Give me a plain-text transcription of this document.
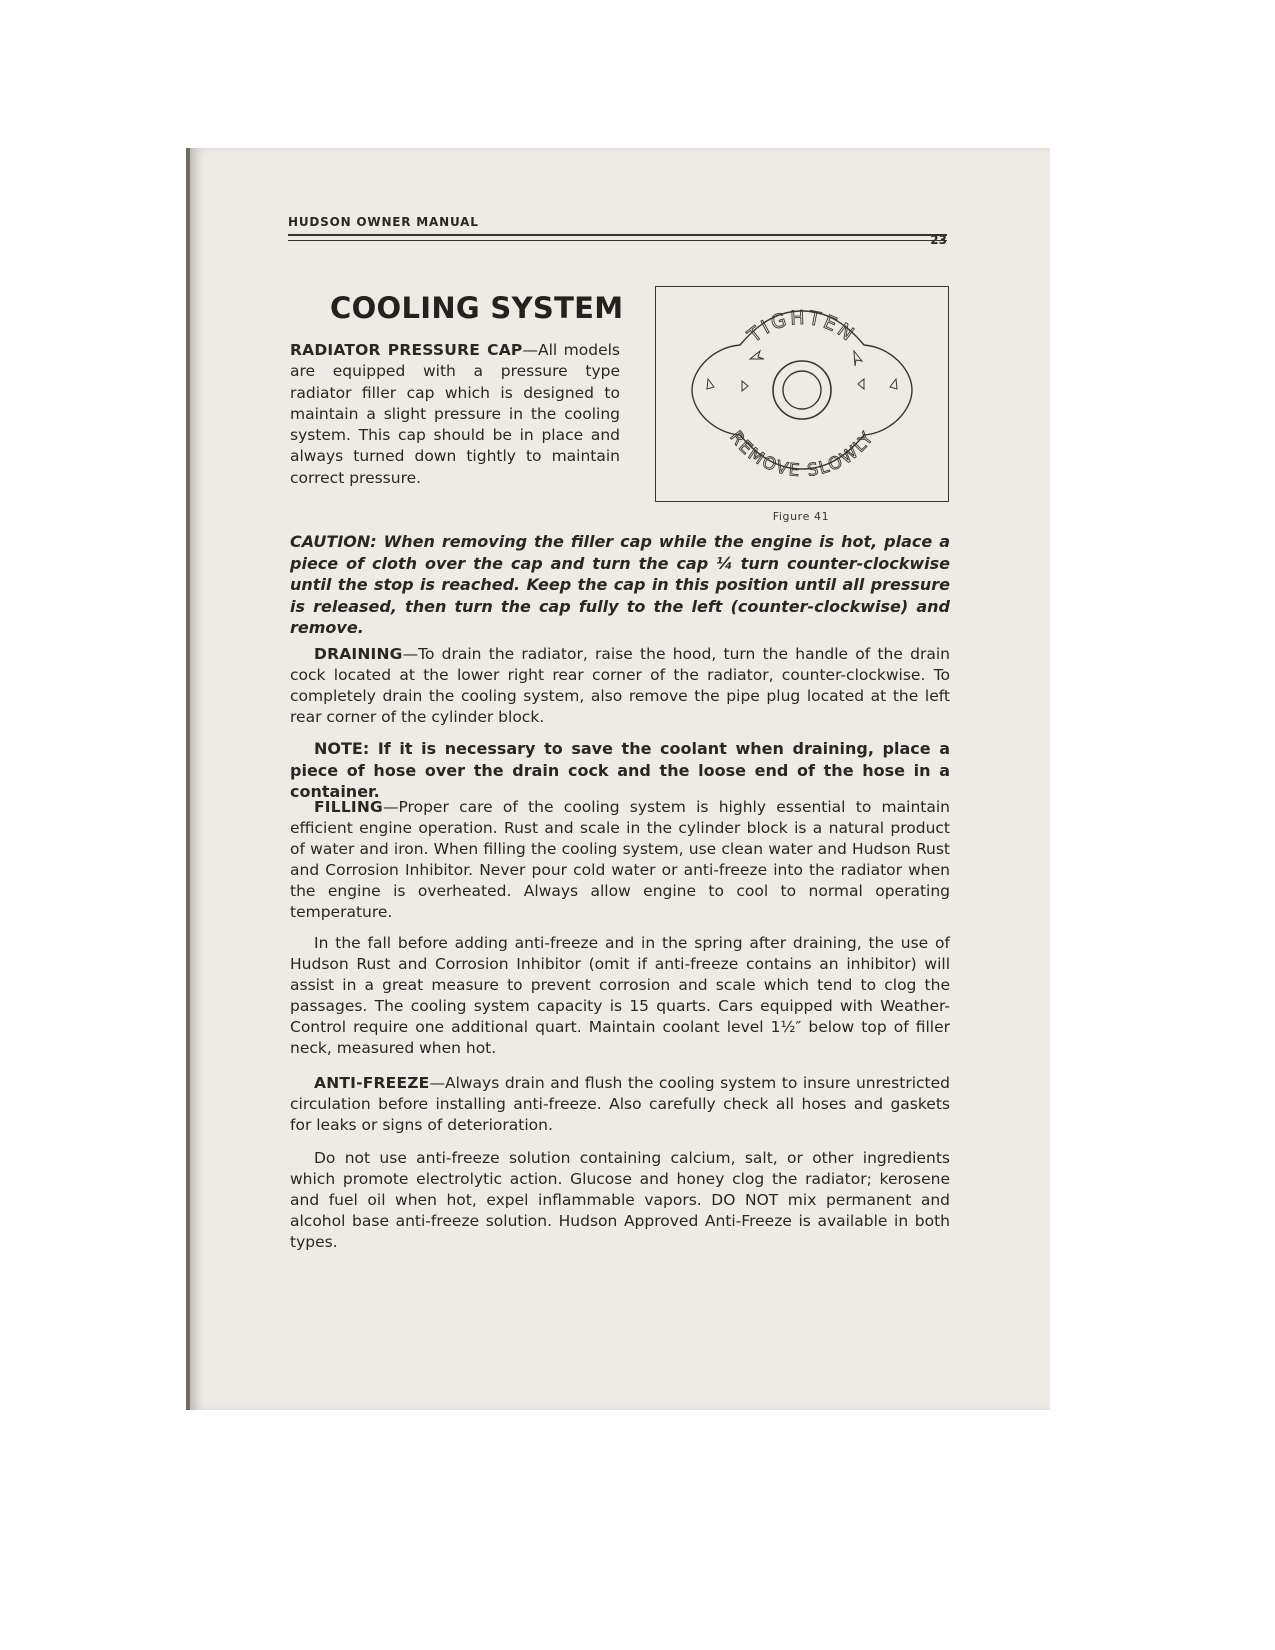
HUDSON OWNER MANUAL
23
COOLING SYSTEM
RADIATOR PRESSURE CAP—All models are equipped with a pressure type radiator filler cap which is designed to maintain a slight pressure in the cooling system. This cap should be in place and always turned down tightly to maintain correct pressure.
TIGHTEN
REMOVE SLOWLY
Figure 41
CAUTION: When removing the filler cap while the engine is hot, place a piece of cloth over the cap and turn the cap ¼ turn counter-clockwise until the stop is reached. Keep the cap in this position until all pressure is released, then turn the cap fully to the left (counter-clockwise) and remove.
DRAINING—To drain the radiator, raise the hood, turn the handle of the drain cock located at the lower right rear corner of the radiator, counter-clockwise. To completely drain the cooling system, also remove the pipe plug located at the left rear corner of the cylinder block.
NOTE: If it is necessary to save the coolant when draining, place a piece of hose over the drain cock and the loose end of the hose in a container.
FILLING—Proper care of the cooling system is highly essential to maintain efficient engine operation. Rust and scale in the cylinder block is a natural product of water and iron. When filling the cooling system, use clean water and Hudson Rust and Corrosion Inhibitor. Never pour cold water or anti-freeze into the radiator when the engine is overheated. Always allow engine to cool to normal operating temperature.
In the fall before adding anti-freeze and in the spring after draining, the use of Hudson Rust and Corrosion Inhibitor (omit if anti-freeze contains an inhibitor) will assist in a great measure to prevent corrosion and scale which tend to clog the passages. The cooling system capacity is 15 quarts. Cars equipped with Weather-Control require one additional quart. Maintain coolant level 1½″ below top of filler neck, measured when hot.
ANTI-FREEZE—Always drain and flush the cooling system to insure unrestricted circulation before installing anti-freeze. Also carefully check all hoses and gaskets for leaks or signs of deterioration.
Do not use anti-freeze solution containing calcium, salt, or other ingredients which promote electrolytic action. Glucose and honey clog the radiator; kerosene and fuel oil when hot, expel inflammable vapors. DO NOT mix permanent and alcohol base anti-freeze solution. Hudson Approved Anti-Freeze is available in both types.
